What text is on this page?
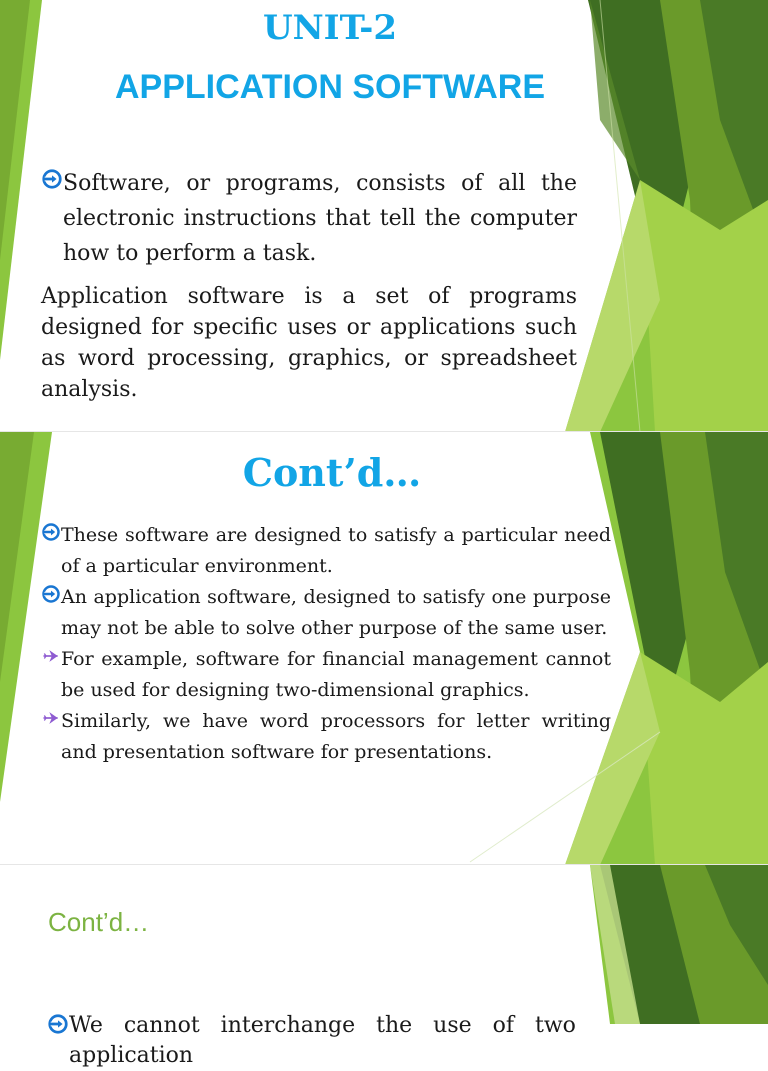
UNIT-2
APPLICATION SOFTWARE
Software, or programs, consists of all the electronic instructions that tell the computer how to perform a task.

Application software is a set of programs designed for specific uses or applications such as word processing, graphics, or spreadsheet analysis.

Cont’d…
These software are designed to satisfy a particular need of a particular environment.
An application software, designed to satisfy one purpose may not be able to solve other purpose of the same user.
For example, software for financial management cannot be used for designing two-dimensional graphics.
Similarly, we have word processors for letter writing and presentation software for presentations.
Cont’d…
We cannot interchange the use of two application
